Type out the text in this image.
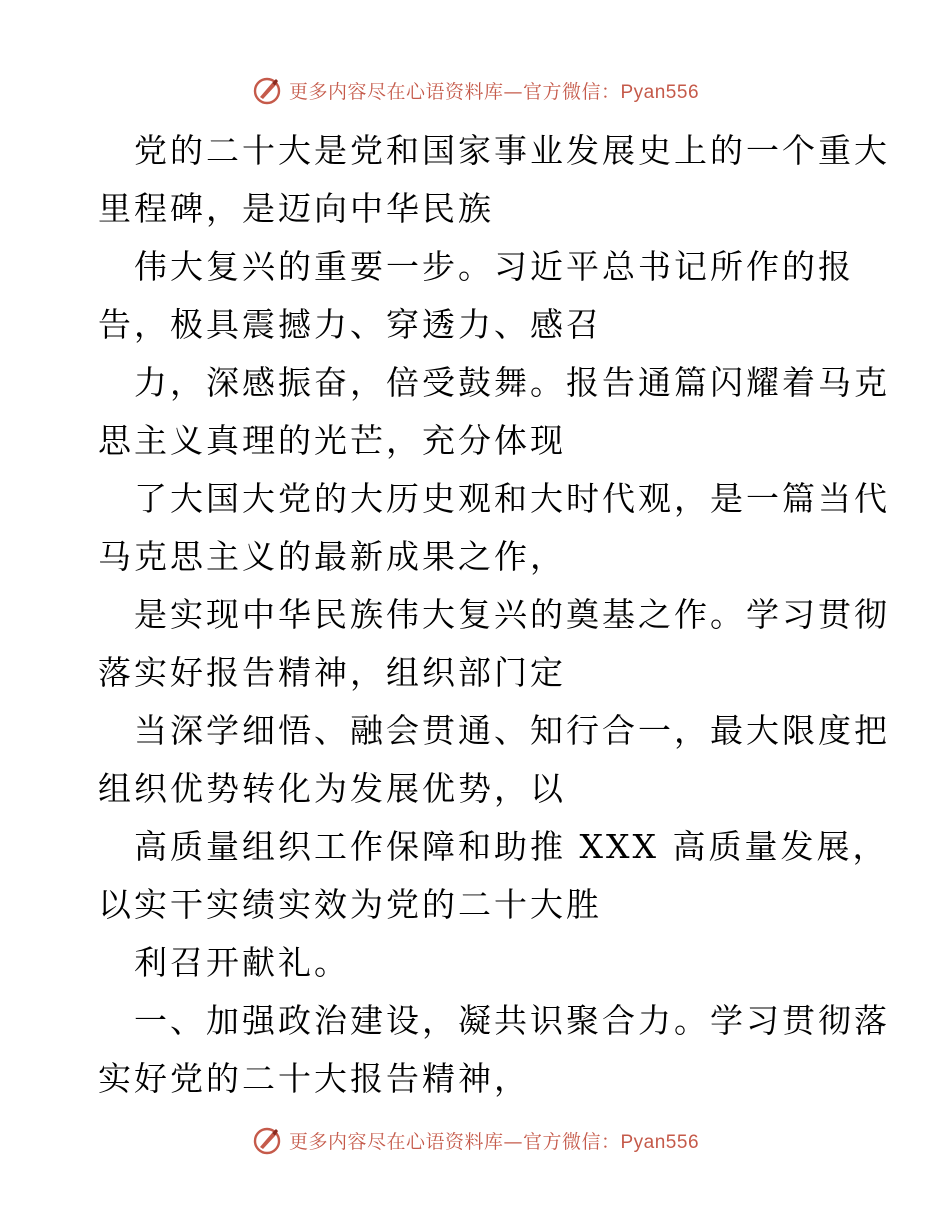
更多内容尽在心语资料库—官方微信：Pyan556
党的二十大是党和国家事业发展史上的一个重大
里程碑，是迈向中华民族
伟大复兴的重要一步。习近平总书记所作的报
告，极具震撼力、穿透力、感召
力，深感振奋，倍受鼓舞。报告通篇闪耀着马克
思主义真理的光芒，充分体现
了大国大党的大历史观和大时代观，是一篇当代
马克思主义的最新成果之作，
是实现中华民族伟大复兴的奠基之作。学习贯彻
落实好报告精神，组织部门定
当深学细悟、融会贯通、知行合一，最大限度把
组织优势转化为发展优势，以
高质量组织工作保障和助推 XXX 高质量发展，
以实干实绩实效为党的二十大胜
利召开献礼。
一、加强政治建设，凝共识聚合力。学习贯彻落
实好党的二十大报告精神，
更多内容尽在心语资料库—官方微信：Pyan556
